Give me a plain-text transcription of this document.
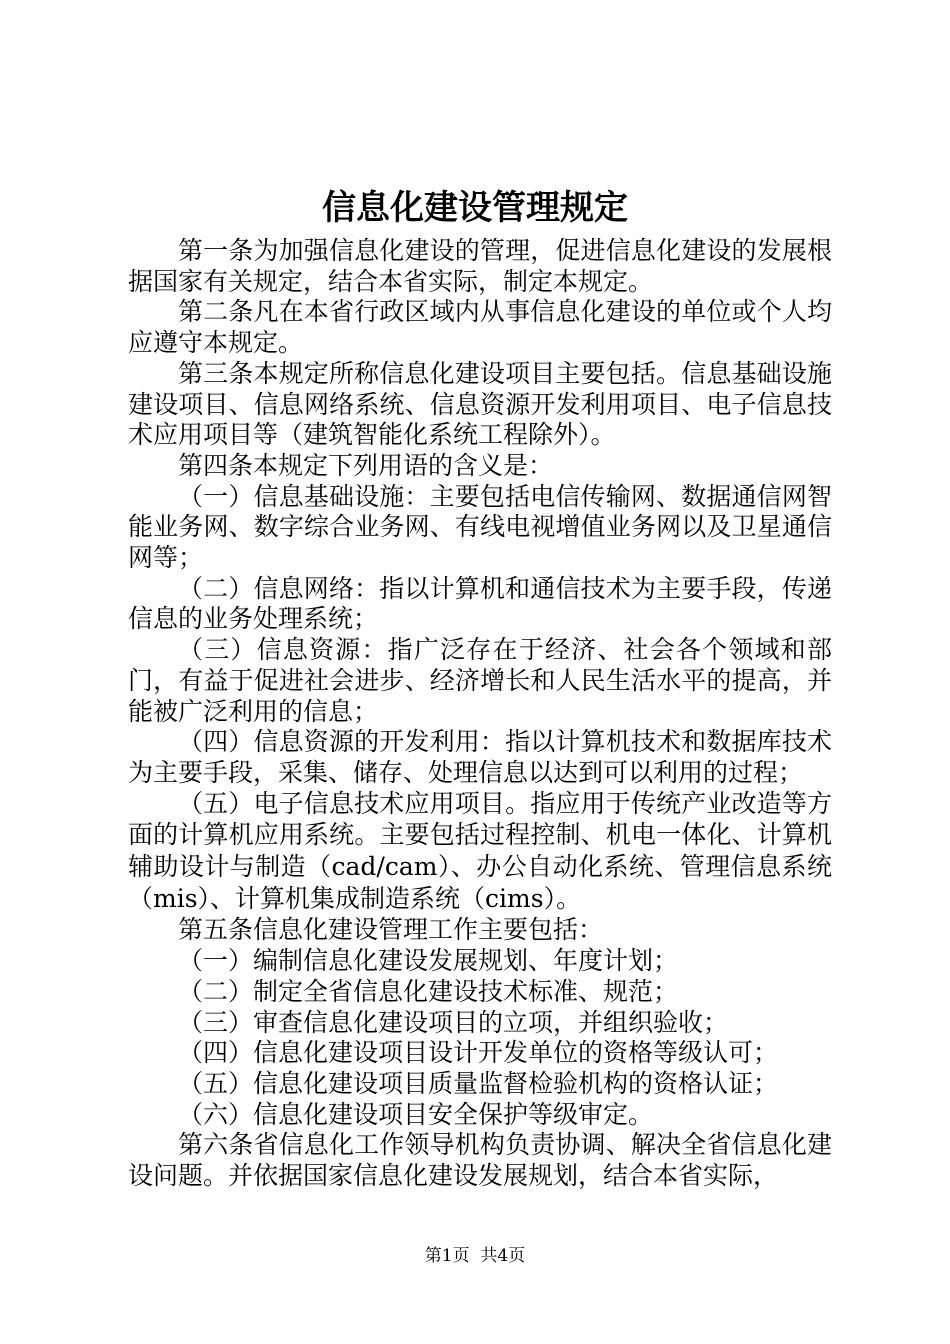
信息化建设管理规定

第一条为加强信息化建设的管理，促进信息化建设的发展根据国家有关规定，结合本省实际，制定本规定。

第二条凡在本省行政区域内从事信息化建设的单位或个人均应遵守本规定。

第三条本规定所称信息化建设项目主要包括。信息基础设施建设项目、信息网络系统、信息资源开发利用项目、电子信息技术应用项目等（建筑智能化系统工程除外）。

第四条本规定下列用语的含义是：

（一）信息基础设施：主要包括电信传输网、数据通信网智能业务网、数字综合业务网、有线电视增值业务网以及卫星通信网等；

（二）信息网络：指以计算机和通信技术为主要手段，传递信息的业务处理系统；

（三）信息资源：指广泛存在于经济、社会各个领域和部门，有益于促进社会进步、经济增长和人民生活水平的提高，并能被广泛利用的信息；

（四）信息资源的开发利用：指以计算机技术和数据库技术为主要手段，采集、储存、处理信息以达到可以利用的过程；

（五）电子信息技术应用项目。指应用于传统产业改造等方面的计算机应用系统。主要包括过程控制、机电一体化、计算机辅助设计与制造（cad/cam）、办公自动化系统、管理信息系统（mis）、计算机集成制造系统（cims）。

第五条信息化建设管理工作主要包括：

（一）编制信息化建设发展规划、年度计划；

（二）制定全省信息化建设技术标准、规范；

（三）审查信息化建设项目的立项，并组织验收；

（四）信息化建设项目设计开发单位的资格等级认可；

（五）信息化建设项目质量监督检验机构的资格认证；

（六）信息化建设项目安全保护等级审定。

第六条省信息化工作领导机构负责协调、解决全省信息化建设问题。并依据国家信息化建设发展规划，结合本省实际，

第1页  共4页
